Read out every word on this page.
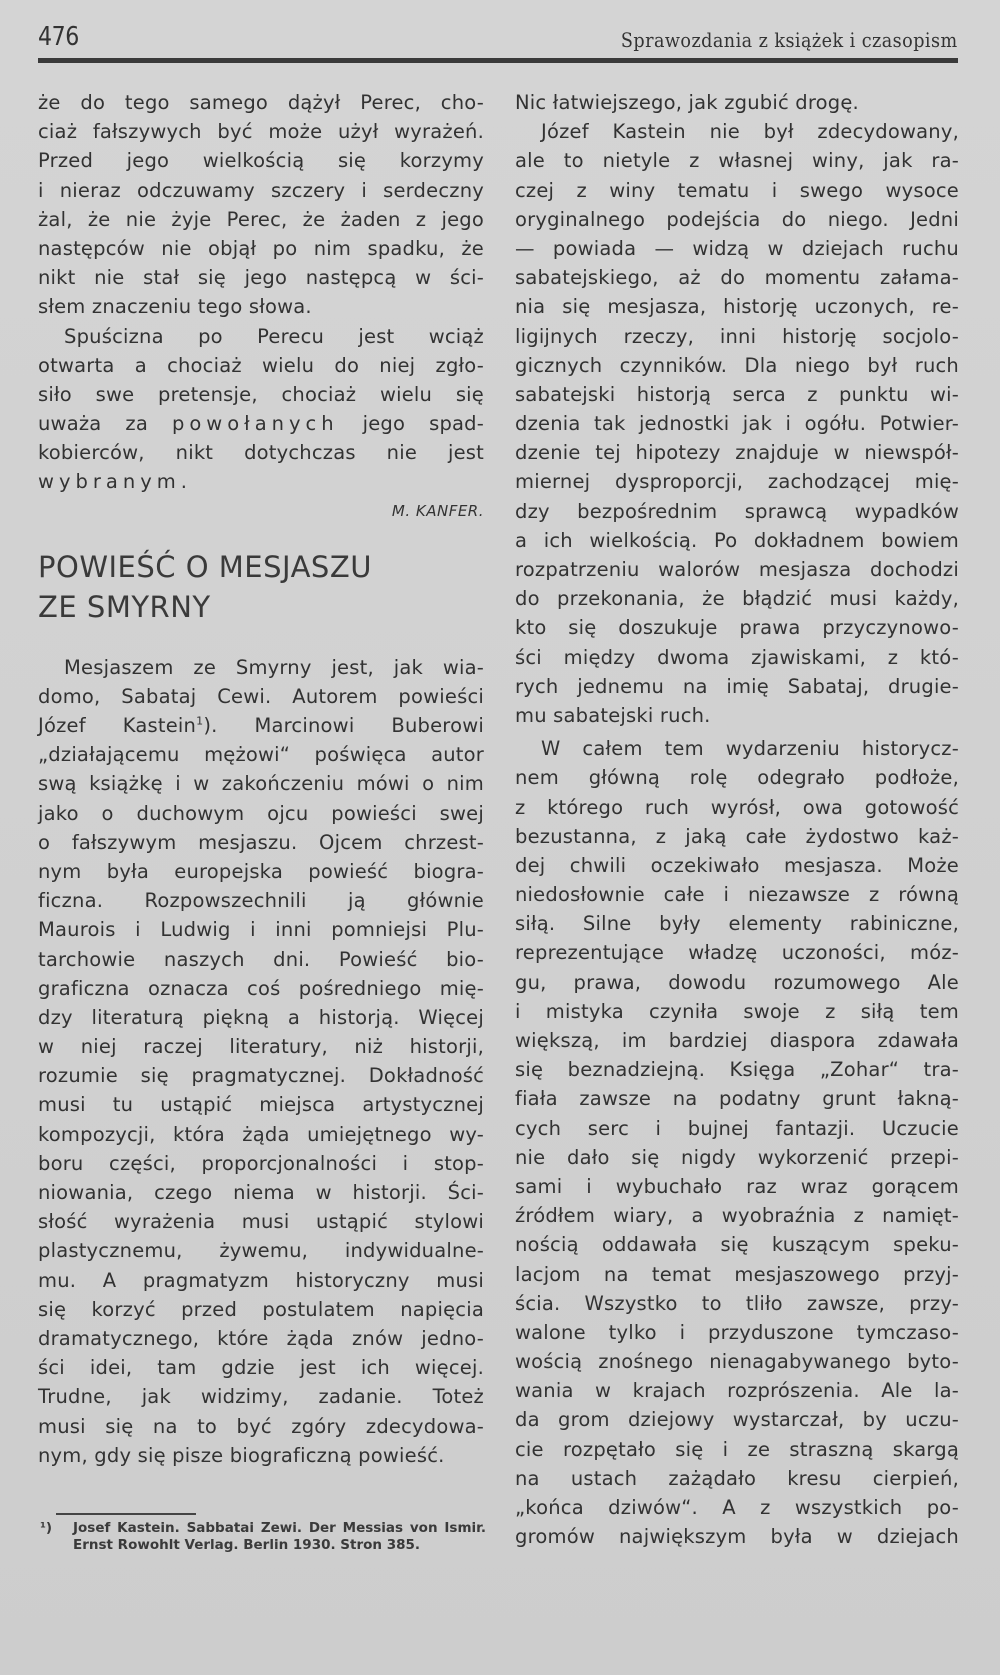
476	Sprawozdania z książek i czasopism
że do tego samego dążył Perec, cho-
ciaż fałszywych być może użył wyrażeń.
Przed jego wielkością się korzymy
i nieraz odczuwamy szczery i serdeczny
żal, że nie żyje Perec, że żaden z jego
następców nie objął po nim spadku, że
nikt nie stał się jego następcą w ści-
słem znaczeniu tego słowa.
Spuścizna po Perecu jest wciąż
otwarta a chociaż wielu do niej zgło-
siło swe pretensje, chociaż wielu się
uważa za powołanych jego spad-
kobierców, nikt dotychczas nie jest
wybranym.
M. KANFER.
POWIEŚĆ O MESJASZU
ZE SMYRNY
Mesjaszem ze Smyrny jest, jak wia-
domo, Sabataj Cewi. Autorem powieści
Józef Kastein$^1$). Marcinowi Buberowi
„działającemu mężowi“ poświęca autor
swą książkę i w zakończeniu mówi o nim
jako o duchowym ojcu powieści swej
o fałszywym mesjaszu. Ojcem chrzest-
nym była europejska powieść biogra-
ficzna. Rozpowszechnili ją głównie
Maurois i Ludwig i inni pomniejsi Plu-
tarchowie naszych dni. Powieść bio-
graficzna oznacza coś pośredniego mię-
dzy literaturą piękną a historją. Więcej
w niej raczej literatury, niż historji,
rozumie się pragmatycznej. Dokładność
musi tu ustąpić miejsca artystycznej
kompozycji, która żąda umiejętnego wy-
boru części, proporcjonalności i stop-
niowania, czego niema w historji. Ści-
słość wyrażenia musi ustąpić stylowi
plastycznemu, żywemu, indywidualne-
mu. A pragmatyzm historyczny musi
się korzyć przed postulatem napięcia
dramatycznego, które żąda znów jedno-
ści idei, tam gdzie jest ich więcej.
Trudne, jak widzimy, zadanie. Toteż
musi się na to być zgóry zdecydowa-
nym, gdy się pisze biograficzną powieść.
¹) Josef Kastein. Sabbatai Zewi. Der Messias von Ismir. Ernst Rowohlt Verlag. Berlin 1930. Stron 385.
Nic łatwiejszego, jak zgubić drogę.
Józef Kastein nie był zdecydowany,
ale to nietyle z własnej winy, jak ra-
czej z winy tematu i swego wysoce
oryginalnego podejścia do niego. Jedni
— powiada — widzą w dziejach ruchu
sabatejskiego, aż do momentu załama-
nia się mesjasza, historję uczonych, re-
ligijnych rzeczy, inni historję socjolo-
gicznych czynników. Dla niego był ruch
sabatejski historją serca z punktu wi-
dzenia tak jednostki jak i ogółu. Potwier-
dzenie tej hipotezy znajduje w niewspół-
miernej dysproporcji, zachodzącej mię-
dzy bezpośrednim sprawcą wypadków
a ich wielkością. Po dokładnem bowiem
rozpatrzeniu walorów mesjasza dochodzi
do przekonania, że błądzić musi każdy,
kto się doszukuje prawa przyczynowo-
ści między dwoma zjawiskami, z któ-
rych jednemu na imię Sabataj, drugie-
mu sabatejski ruch.
W całem tem wydarzeniu historycz-
nem główną rolę odegrało podłoże,
z którego ruch wyrósł, owa gotowość
bezustanna, z jaką całe żydostwo każ-
dej chwili oczekiwało mesjasza. Może
niedosłownie całe i niezawsze z równą
siłą. Silne były elementy rabiniczne,
reprezentujące władzę uczoności, móz-
gu, prawa, dowodu rozumowego Ale
i mistyka czyniła swoje z siłą tem
większą, im bardziej diaspora zdawała
się beznadziejną. Księga „Zohar“ tra-
fiała zawsze na podatny grunt łakną-
cych serc i bujnej fantazji. Uczucie
nie dało się nigdy wykorzenić przepi-
sami i wybuchało raz wraz gorącem
źródłem wiary, a wyobraźnia z namięt-
nością oddawała się kuszącym speku-
lacjom na temat mesjaszowego przyj-
ścia. Wszystko to tliło zawsze, przy-
walone tylko i przyduszone tymczaso-
wością znośnego nienagabywanego byto-
wania w krajach rozprószenia. Ale la-
da grom dziejowy wystarczał, by uczu-
cie rozpętało się i ze straszną skargą
na ustach zażądało kresu cierpień,
„końca dziwów“. A z wszystkich po-
gromów największym była w dziejach
